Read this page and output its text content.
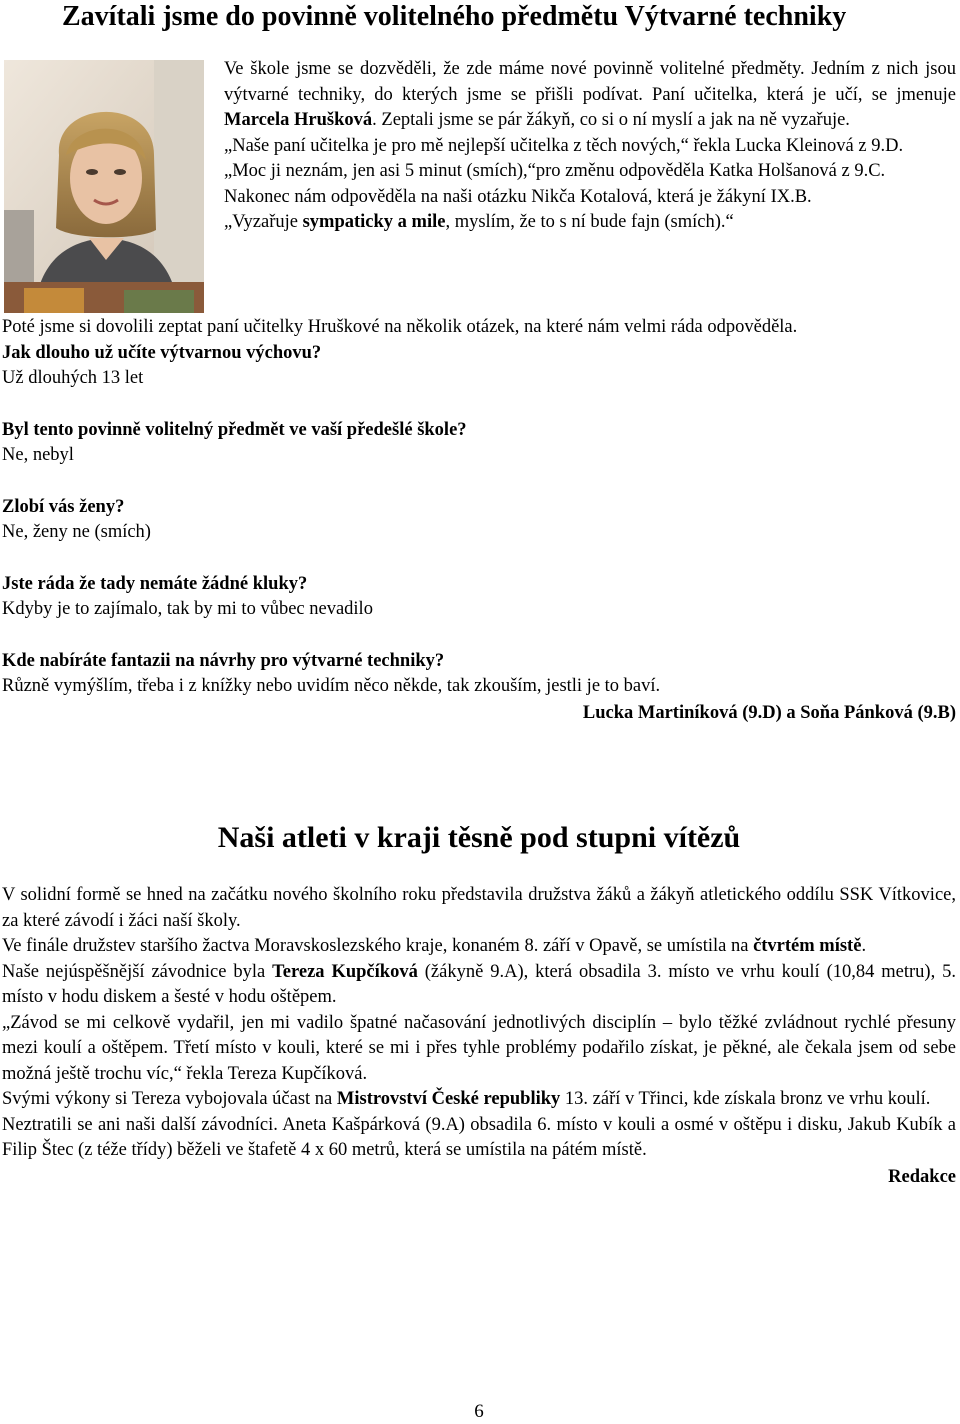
Zavítali jsme do povinně volitelného předmětu Výtvarné techniky

Ve škole jsme se dozvěděli, že zde máme nové povinně volitelné předměty. Jedním z nich jsou výtvarné techniky, do kterých jsme se přišli podívat. Paní učitelka, která je učí, se jmenuje Marcela Hrušková. Zeptali jsme se pár žákyň, co si o ní myslí a jak na ně vyzařuje.

„Naše paní učitelka je pro mě nejlepší učitelka z těch nových,“ řekla Lucka Kleinová z 9.D.

„Moc ji neznám, jen asi 5 minut (smích),“pro změnu odpověděla Katka Holšanová z 9.C.

Nakonec nám odpověděla na naši otázku Nikča Kotalová, která je žákyní IX.B.

„Vyzařuje sympaticky a mile, myslím, že to s ní bude fajn (smích).“

Poté jsme si dovolili zeptat paní učitelky Hruškové na několik otázek, na které nám velmi ráda odpověděla.

Jak dlouho už učíte výtvarnou výchovu?

Už dlouhých 13 let

Byl tento povinně volitelný předmět ve vaší předešlé škole?

Ne, nebyl

Zlobí vás ženy?

Ne, ženy ne (smích)

Jste ráda že tady nemáte žádné kluky?

Kdyby je to zajímalo, tak by mi to vůbec nevadilo

Kde nabíráte fantazii na návrhy pro výtvarné techniky?

Různě vymýšlím, třeba i z knížky nebo uvidím něco někde, tak zkouším, jestli je to baví.

Lucka Martiníková (9.D) a Soňa Pánková (9.B)

Naši atleti v kraji těsně pod stupni vítězů

V solidní formě se hned na začátku nového školního roku představila družstva žáků a žákyň atletického oddílu SSK Vítkovice, za které závodí i žáci naší školy.

Ve finále družstev staršího žactva Moravskoslezského kraje, konaném 8. září v Opavě, se umístila na čtvrtém místě.

Naše nejúspěšnější závodnice byla Tereza Kupčíková (žákyně 9.A), která obsadila 3. místo ve vrhu koulí (10,84 metru), 5. místo v hodu diskem a šesté v hodu oštěpem.

„Závod se mi celkově vydařil, jen mi vadilo špatné načasování jednotlivých disciplín – bylo těžké zvládnout rychlé přesuny mezi koulí a oštěpem. Třetí místo v kouli, které se mi i přes tyhle problémy podařilo získat, je pěkné, ale čekala jsem od sebe možná ještě trochu víc,“ řekla Tereza Kupčíková.

Svými výkony si Tereza vybojovala účast na Mistrovství České republiky 13. září v Třinci, kde získala bronz ve vrhu koulí.

Neztratili se ani naši další závodníci. Aneta Kašpárková (9.A) obsadila 6. místo v kouli a osmé v oštěpu i disku, Jakub Kubík a Filip Štec (z téže třídy) běželi ve štafetě 4 x 60 metrů, která se umístila na pátém místě.

Redakce

6
